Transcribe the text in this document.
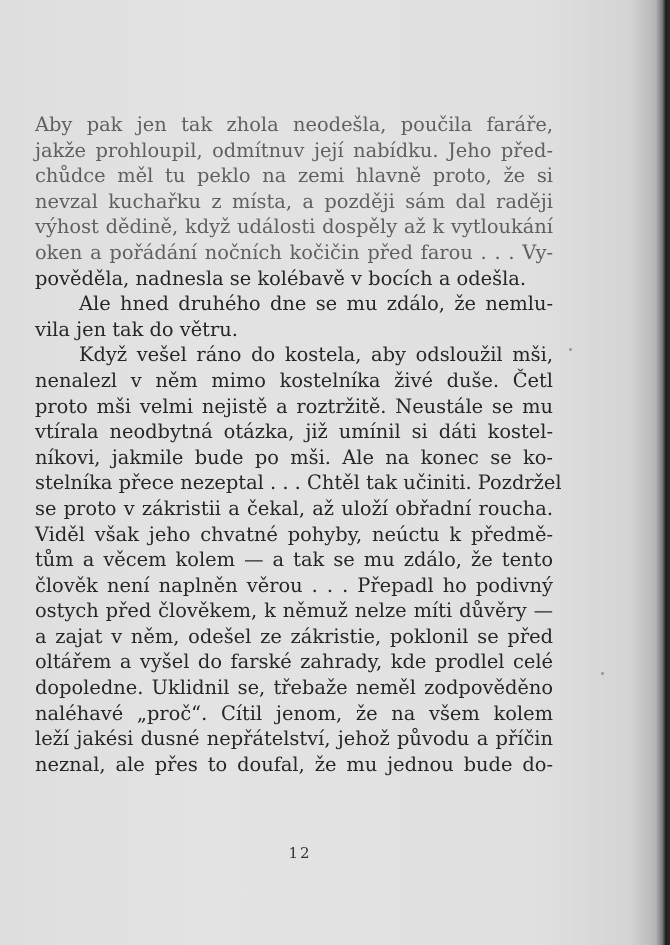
Aby pak jen tak zhola neodešla, poučila faráře,
jakže prohloupil, odmítnuv její nabídku. Jeho před-
chůdce měl tu peklo na zemi hlavně proto, že si
nevzal kuchařku z místa, a později sám dal raději
výhost dědině, když události dospěly až k vytloukání
oken a pořádání nočních kočičin před farou . . . Vy-
pověděla, nadnesla se kolébavě v bocích a odešla.
Ale hned druhého dne se mu zdálo, že nemlu-
vila jen tak do větru.
Když vešel ráno do kostela, aby odsloužil mši,
nenalezl v něm mimo kostelníka živé duše. Četl
proto mši velmi nejistě a roztržitě. Neustále se mu
vtírala neodbytná otázka, již umínil si dáti kostel-
níkovi, jakmile bude po mši. Ale na konec se ko-
stelníka přece nezeptal . . . Chtěl tak učiniti. Pozdržel
se proto v zákristii a čekal, až uloží obřadní roucha.
Viděl však jeho chvatné pohyby, neúctu k předmě-
tům a věcem kolem — a tak se mu zdálo, že tento
člověk není naplněn věrou . . . Přepadl ho podivný
ostych před člověkem, k němuž nelze míti důvěry —
a zajat v něm, odešel ze zákristie, poklonil se před
oltářem a vyšel do farské zahrady, kde prodlel celé
dopoledne. Uklidnil se, třebaže neměl zodpověděno
naléhavé „proč“. Cítil jenom, že na všem kolem
leží jakési dusné nepřátelství, jehož původu a příčin
neznal, ale přes to doufal, že mu jednou bude do-
12
